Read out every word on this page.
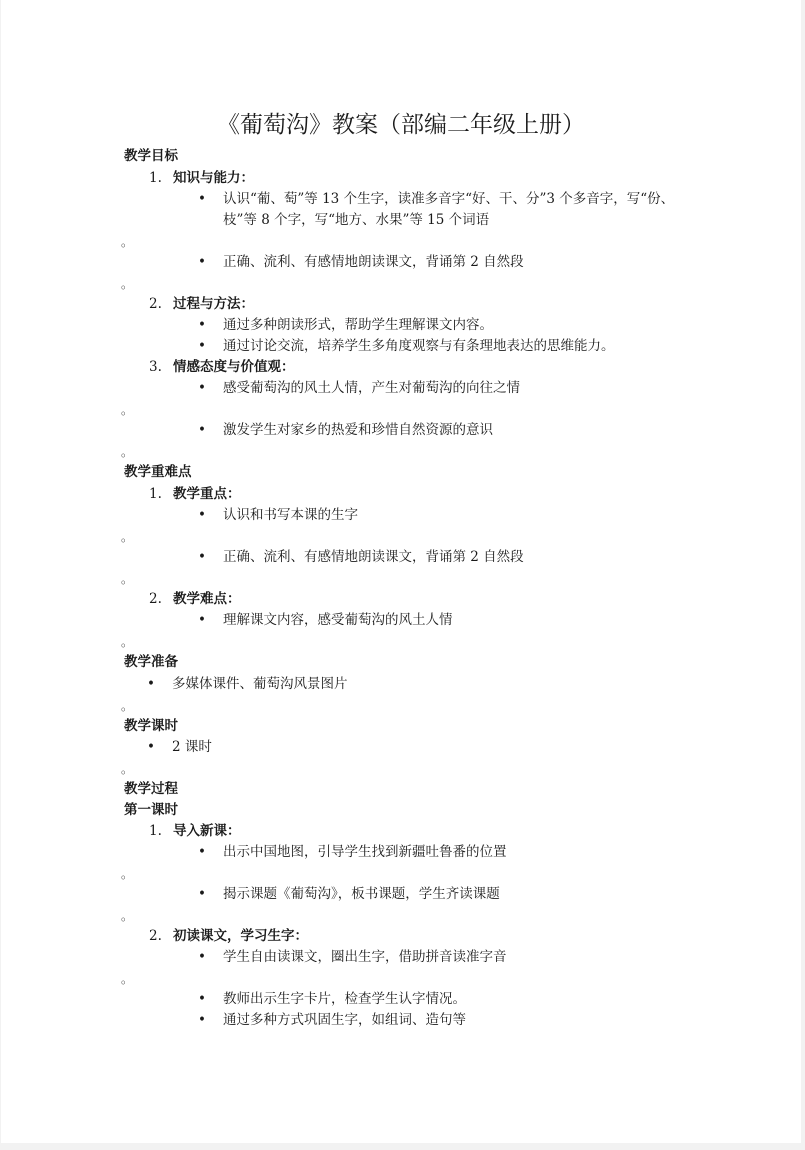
《葡萄沟》教案（部编二年级上册）
教学目标
1. 知识与能力：
• 认识“葡、萄”等 13 个生字，读准多音字“好、干、分”3 个多音字，写“份、
枝”等 8 个字，写“地方、水果”等 15 个词语
。
• 正确、流利、有感情地朗读课文，背诵第 2 自然段
。
2. 过程与方法：
• 通过多种朗读形式，帮助学生理解课文内容。
• 通过讨论交流，培养学生多角度观察与有条理地表达的思维能力。
3. 情感态度与价值观：
• 感受葡萄沟的风土人情，产生对葡萄沟的向往之情
。
• 激发学生对家乡的热爱和珍惜自然资源的意识
。
教学重难点
1. 教学重点：
• 认识和书写本课的生字
。
• 正确、流利、有感情地朗读课文，背诵第 2 自然段
。
2. 教学难点：
• 理解课文内容，感受葡萄沟的风土人情
。
教学准备
• 多媒体课件、葡萄沟风景图片
。
教学课时
• 2 课时
。
教学过程
第一课时
1. 导入新课：
• 出示中国地图，引导学生找到新疆吐鲁番的位置
。
• 揭示课题《葡萄沟》，板书课题，学生齐读课题
。
2. 初读课文，学习生字：
• 学生自由读课文，圈出生字，借助拼音读准字音
。
• 教师出示生字卡片，检查学生认字情况。
• 通过多种方式巩固生字，如组词、造句等
